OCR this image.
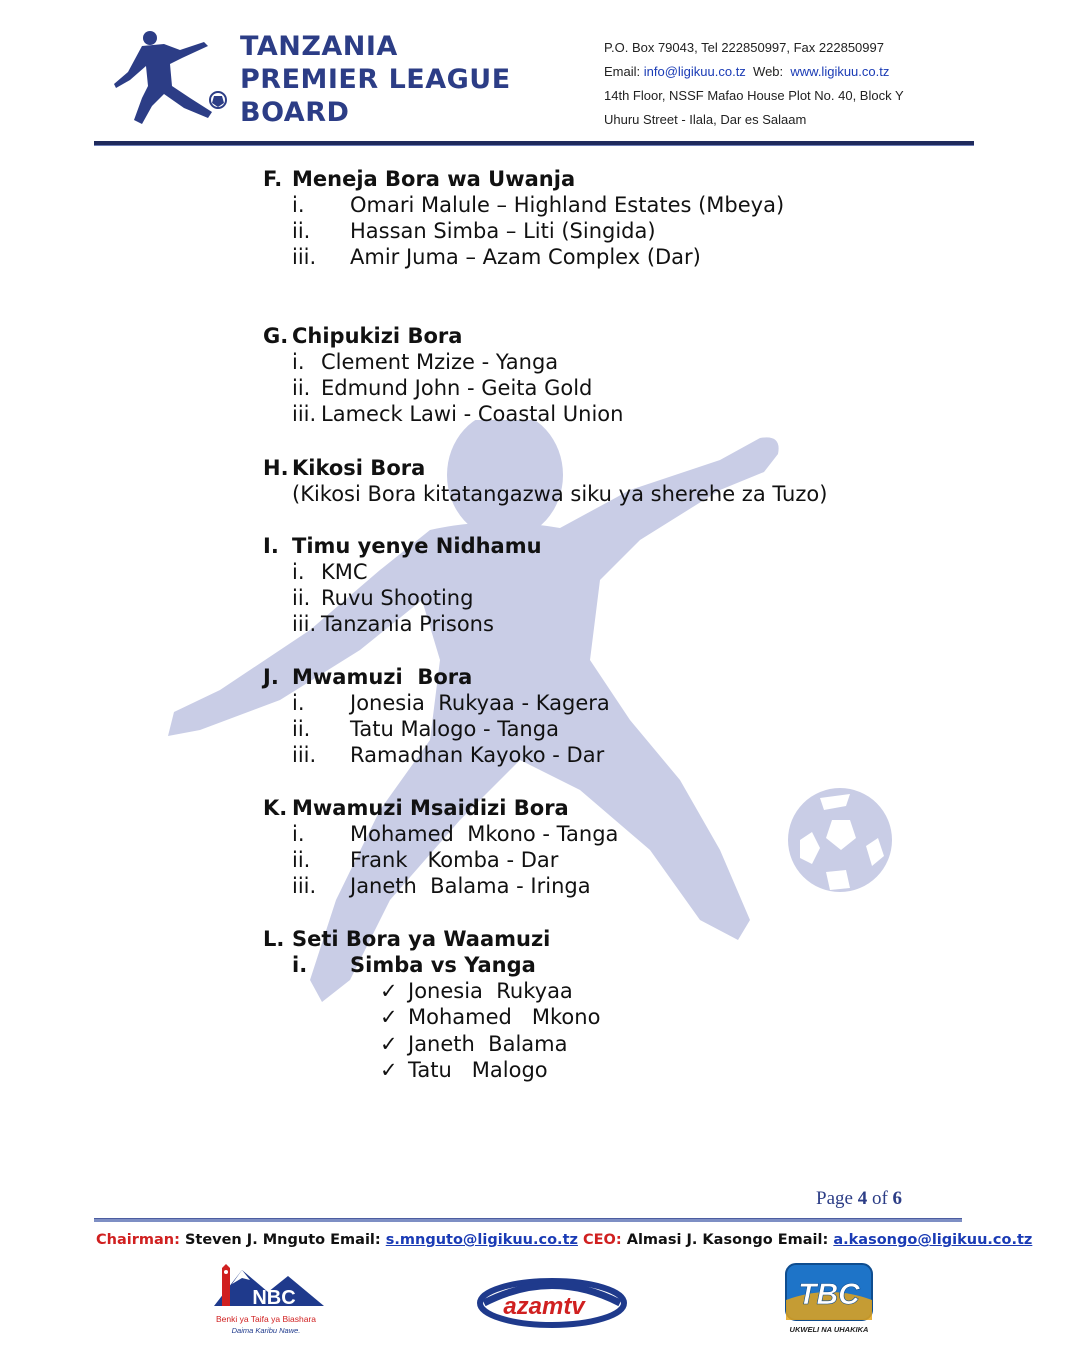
TANZANIA
PREMIER LEAGUE
BOARD
P.O. Box 79043, Tel 222850997, Fax 222850997
Email: info@ligikuu.co.tz  Web:  www.ligikuu.co.tz
14th Floor, NSSF Mafao House Plot No. 40, Block Y
Uhuru Street - Ilala, Dar es Salaam
F. Meneja Bora wa Uwanja
i. Omari Malule – Highland Estates (Mbeya)
ii. Hassan Simba – Liti (Singida)
iii. Amir Juma – Azam Complex (Dar)
G. Chipukizi Bora
i. Clement Mzize - Yanga
ii. Edmund John - Geita Gold
iii. Lameck Lawi - Coastal Union
H. Kikosi Bora
(Kikosi Bora kitatangazwa siku ya sherehe za Tuzo)
I. Timu yenye Nidhamu
i. KMC
ii. Ruvu Shooting
iii. Tanzania Prisons
J. Mwamuzi  Bora
i. Jonesia  Rukyaa - Kagera
ii. Tatu Malogo - Tanga
iii. Ramadhan Kayoko - Dar
K. Mwamuzi Msaidizi Bora
i. Mohamed  Mkono - Tanga
ii. Frank   Komba - Dar
iii. Janeth  Balama - Iringa
L. Seti Bora ya Waamuzi
i. Simba vs Yanga
✓ Jonesia  Rukyaa
✓ Mohamed   Mkono
✓ Janeth  Balama
✓ Tatu   Malogo
Page 4 of 6
Chairman: Steven J. Mnguto Email: s.mnguto@ligikuu.co.tz CEO: Almasi J. Kasongo Email: a.kasongo@ligikuu.co.tz
NBC
Benki ya Taifa ya Biashara
Daima Karibu Nawe.
azamtv	TBC
UKWELI NA UHAKIKA
